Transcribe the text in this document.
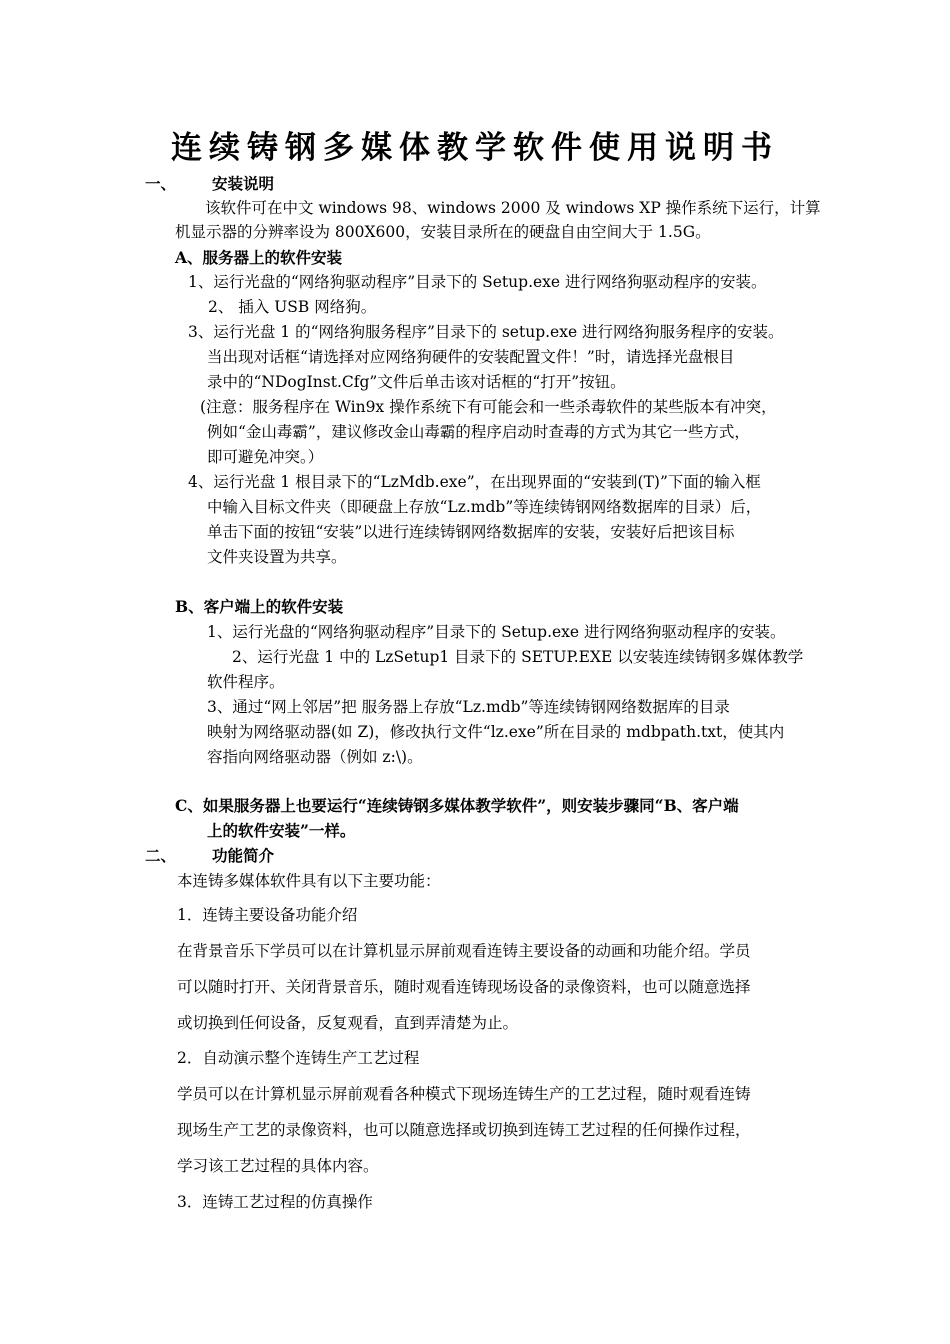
连续铸钢多媒体教学软件使用说明书
一、 安装说明
该软件可在中文 windows 98、windows 2000 及 windows XP 操作系统下运行，计算
机显示器的分辨率设为 800X600，安装目录所在的硬盘自由空间大于 1.5G。
A、服务器上的软件安装
1、运行光盘的“网络狗驱动程序”目录下的 Setup.exe 进行网络狗驱动程序的安装。
2、 插入 USB 网络狗。
3、运行光盘 1 的“网络狗服务程序”目录下的 setup.exe 进行网络狗服务程序的安装。
当出现对话框“请选择对应网络狗硬件的安装配置文件！”时，请选择光盘根目
录中的“NDogInst.Cfg”文件后单击该对话框的“打开”按钮。
(注意：服务程序在 Win9x 操作系统下有可能会和一些杀毒软件的某些版本有冲突，
例如“金山毒霸”，建议修改金山毒霸的程序启动时查毒的方式为其它一些方式，
即可避免冲突。）
4、运行光盘 1 根目录下的“LzMdb.exe”，在出现界面的“安装到(T)”下面的输入框
中输入目标文件夹（即硬盘上存放“Lz.mdb”等连续铸钢网络数据库的目录）后，
单击下面的按钮“安装”以进行连续铸钢网络数据库的安装，安装好后把该目标
文件夹设置为共享。
B、客户端上的软件安装
1、运行光盘的“网络狗驱动程序”目录下的 Setup.exe 进行网络狗驱动程序的安装。
2、运行光盘 1 中的 LzSetup1 目录下的 SETUP.EXE 以安装连续铸钢多媒体教学
软件程序。
3、通过“网上邻居”把 服务器上存放“Lz.mdb”等连续铸钢网络数据库的目录
映射为网络驱动器(如 Z)，修改执行文件“lz.exe”所在目录的 mdbpath.txt，使其内
容指向网络驱动器（例如 z:\)。
C、如果服务器上也要运行“连续铸钢多媒体教学软件”，则安装步骤同“B、客户端
上的软件安装”一样。
二、 功能简介
本连铸多媒体软件具有以下主要功能：
1．连铸主要设备功能介绍
在背景音乐下学员可以在计算机显示屏前观看连铸主要设备的动画和功能介绍。学员
可以随时打开、关闭背景音乐，随时观看连铸现场设备的录像资料，也可以随意选择
或切换到任何设备，反复观看，直到弄清楚为止。
2．自动演示整个连铸生产工艺过程
学员可以在计算机显示屏前观看各种模式下现场连铸生产的工艺过程，随时观看连铸
现场生产工艺的录像资料，也可以随意选择或切换到连铸工艺过程的任何操作过程，
学习该工艺过程的具体内容。
3．连铸工艺过程的仿真操作
